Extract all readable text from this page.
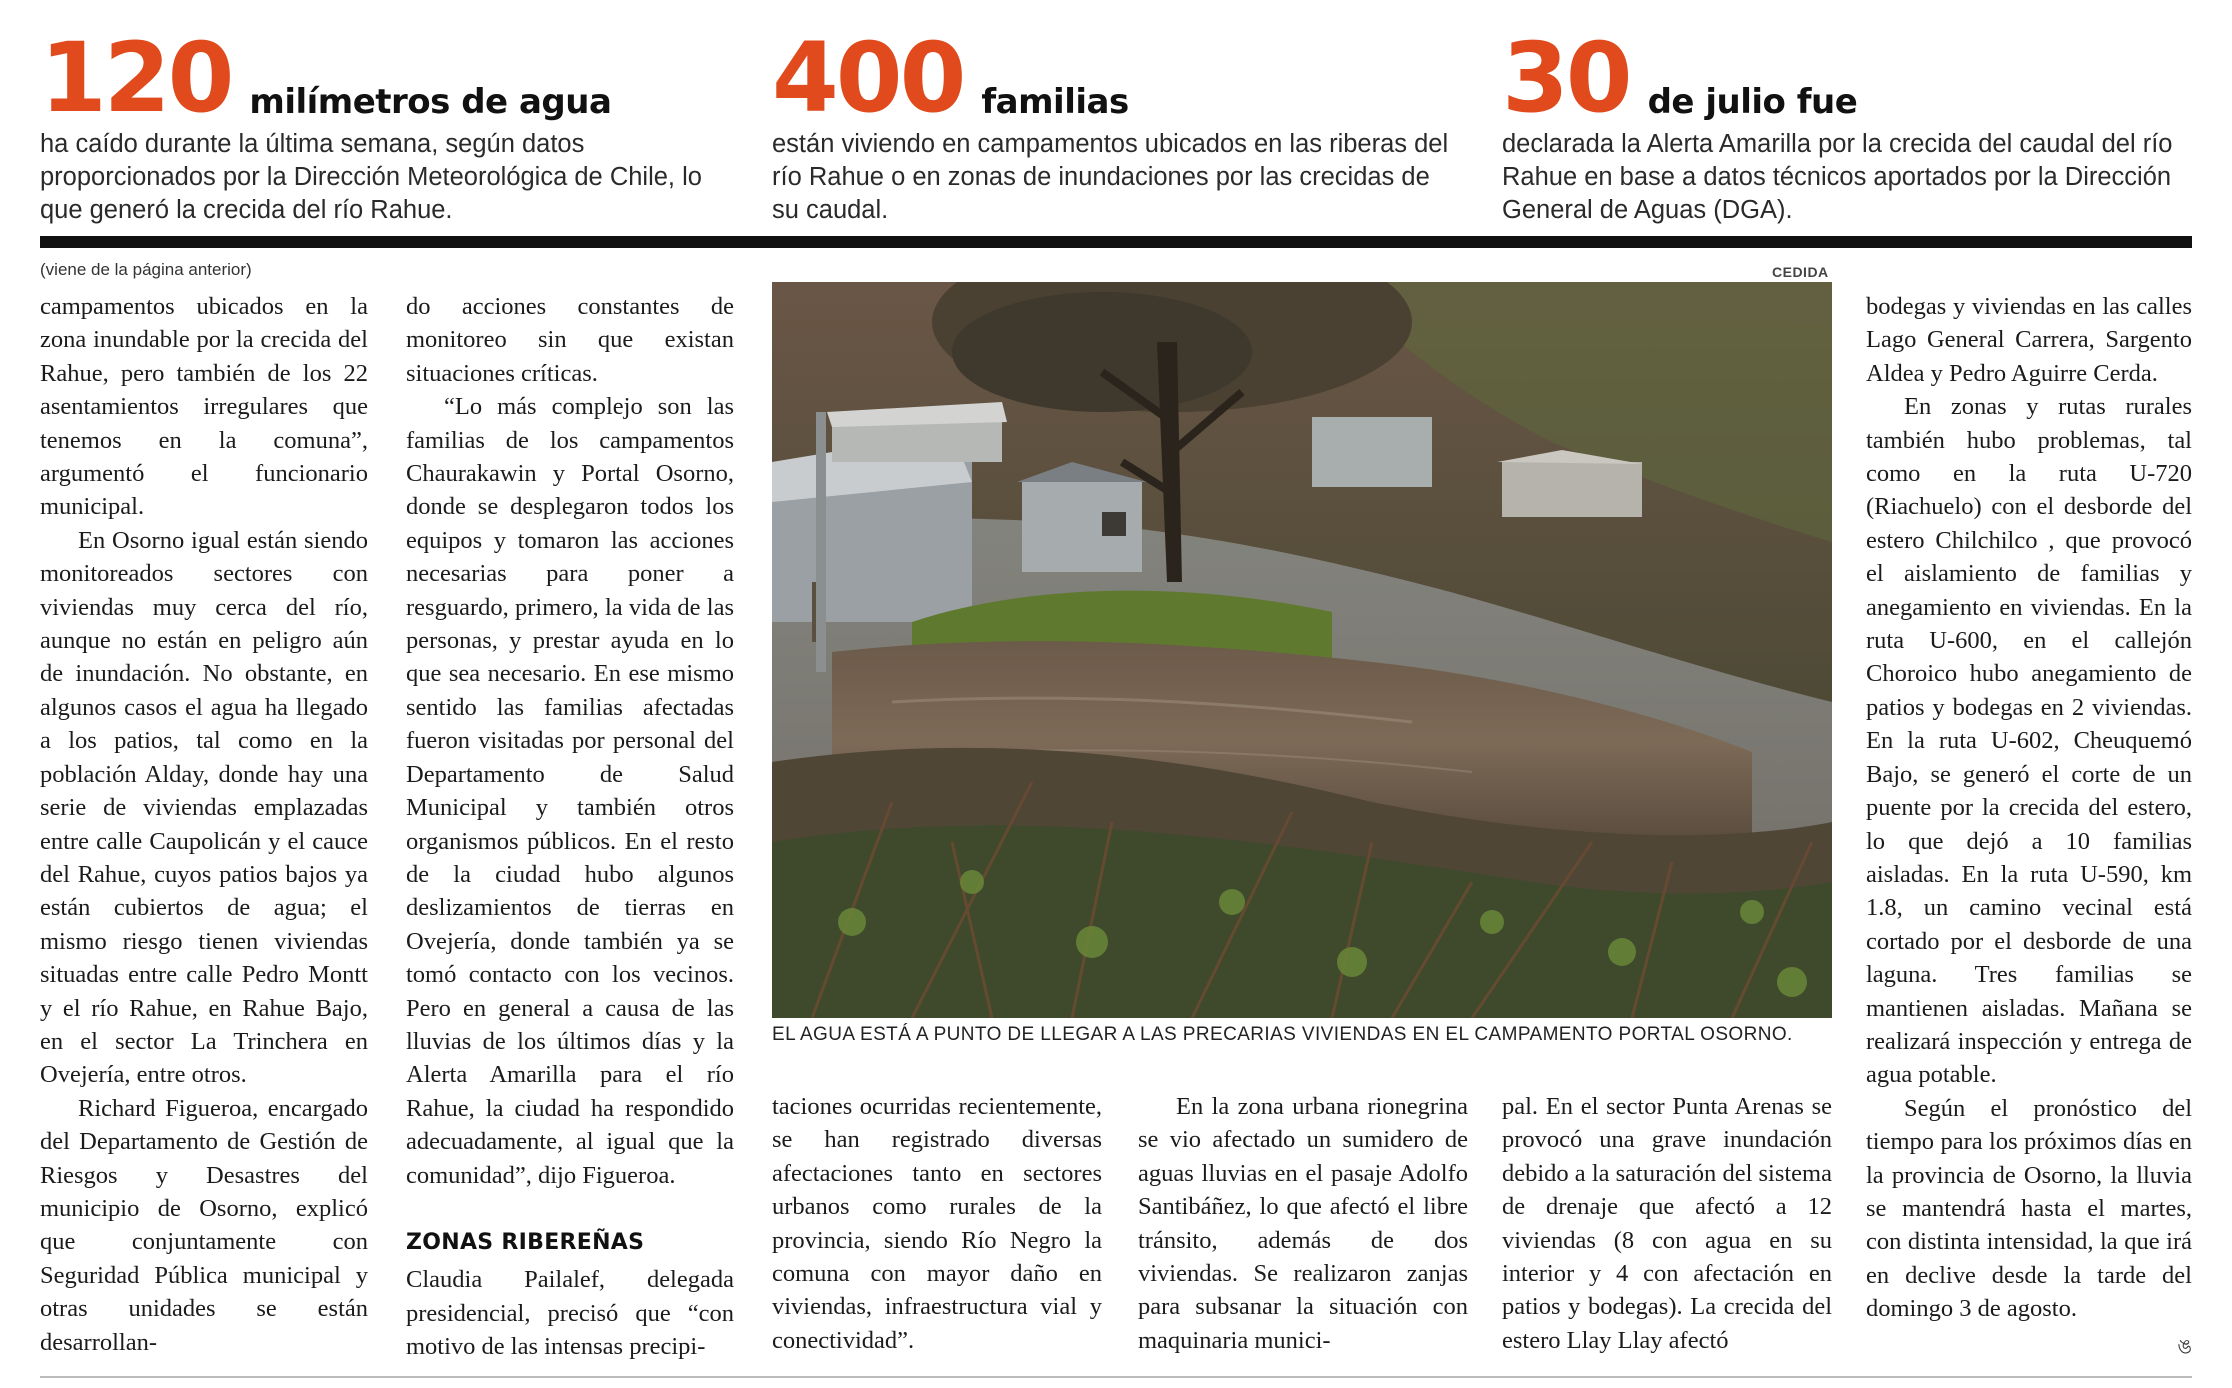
120 milímetros de agua
ha caído durante la última semana, según datos proporcionados por la Dirección Meteorológica de Chile, lo que generó la crecida del río Rahue.
400 familias
están viviendo en campamentos ubicados en las riberas del río Rahue o en zonas de inundaciones por las crecidas de su caudal.
30 de julio fue
declarada la Alerta Amarilla por la crecida del caudal del río Rahue en base a datos técnicos aportados por la Dirección General de Aguas (DGA).
(viene de la página anterior)

campamentos ubicados en la zona inundable por la crecida del Rahue, pero también de los 22 asentamientos irregulares que tenemos en la comuna”, argumentó el funcionario municipal.

En Osorno igual están siendo monitoreados sectores con viviendas muy cerca del río, aunque no están en peligro aún de inundación. No obstante, en algunos casos el agua ha llegado a los patios, tal como en la población Alday, donde hay una serie de viviendas emplazadas entre calle Caupolicán y el cauce del Rahue, cuyos patios bajos ya están cubiertos de agua; el mismo riesgo tienen viviendas situadas entre calle Pedro Montt y el río Rahue, en Rahue Bajo, en el sector La Trinchera en Ovejería, entre otros.

Richard Figueroa, encargado del Departamento de Gestión de Riesgos y Desastres del municipio de Osorno, explicó que conjuntamente con Seguridad Pública municipal y otras unidades se están desarrollan-

do acciones constantes de monitoreo sin que existan situaciones críticas.

“Lo más complejo son las familias de los campamentos Chaurakawin y Portal Osorno, donde se desplegaron todos los equipos y tomaron las acciones necesarias para poner a resguardo, primero, la vida de las personas, y prestar ayuda en lo que sea necesario. En ese mismo sentido las familias afectadas fueron visitadas por personal del Departamento de Salud Municipal y también otros organismos públicos. En el resto de la ciudad hubo algunos deslizamientos de tierras en Ovejería, donde también ya se tomó contacto con los vecinos. Pero en general a causa de las lluvias de los últimos días y la Alerta Amarilla para el río Rahue, la ciudad ha respondido adecuadamente, al igual que la comunidad”, dijo Figueroa.

ZONAS RIBEREÑAS

Claudia Pailalef, delegada presidencial, precisó que “con motivo de las intensas precipi-

CEDIDA
EL AGUA ESTÁ A PUNTO DE LLEGAR A LAS PRECARIAS VIVIENDAS EN EL CAMPAMENTO PORTAL OSORNO.

taciones ocurridas recientemente, se han registrado diversas afectaciones tanto en sectores urbanos como rurales de la provincia, siendo Río Negro la comuna con mayor daño en viviendas, infraestructura vial y conectividad”.

En la zona urbana rionegrina se vio afectado un sumidero de aguas lluvias en el pasaje Adolfo Santibáñez, lo que afectó el libre tránsito, además de dos viviendas. Se realizaron zanjas para subsanar la situación con maquinaria munici-

pal. En el sector Punta Arenas se provocó una grave inundación debido a la saturación del sistema de drenaje que afectó a 12 viviendas (8 con agua en su interior y 4 con afectación en patios y bodegas). La crecida del estero Llay Llay afectó

bodegas y viviendas en las calles Lago General Carrera, Sargento Aldea y Pedro Aguirre Cerda.

En zonas y rutas rurales también hubo problemas, tal como en la ruta U-720 (Riachuelo) con el desborde del estero Chilchilco , que provocó el aislamiento de familias y anegamiento en viviendas. En la ruta U-600, en el callejón Choroico hubo anegamiento de patios y bodegas en 2 viviendas. En la ruta U-602, Cheuquemó Bajo, se generó el corte de un puente por la crecida del estero, lo que dejó a 10 familias aisladas. En la ruta U-590, km 1.8, un camino vecinal está cortado por el desborde de una laguna. Tres familias se mantienen aisladas. Mañana se realizará inspección y entrega de agua potable.

Según el pronóstico del tiempo para los próximos días en la provincia de Osorno, la lluvia se mantendrá hasta el martes, con distinta intensidad, la que irá en declive desde la tarde del domingo 3 de agosto.

ঙ
